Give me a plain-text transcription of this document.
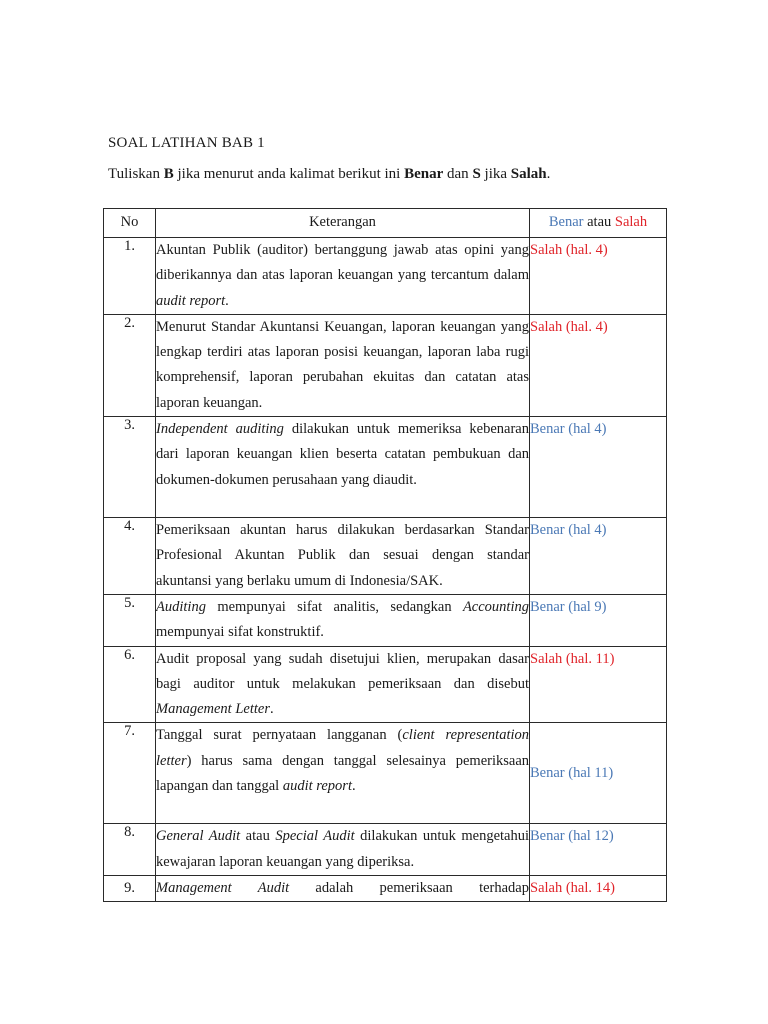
SOAL LATIHAN BAB 1
Tuliskan B jika menurut anda kalimat berikut ini Benar dan S jika Salah.
No	Keterangan	Benar atau Salah
1.	Akuntan Publik (auditor) bertanggung jawab atas opini yang diberikannya dan atas laporan keuangan yang tercantum dalam audit report.	Salah (hal. 4)
2.	Menurut Standar Akuntansi Keuangan, laporan keuangan yang lengkap terdiri atas laporan posisi keuangan, laporan laba rugi komprehensif, laporan perubahan ekuitas dan catatan atas laporan keuangan.	Salah (hal. 4)
3.	Independent auditing dilakukan untuk memeriksa kebenaran dari laporan keuangan klien beserta catatan pembukuan dan dokumen-dokumen perusahaan yang diaudit.	Benar (hal 4)
4.	Pemeriksaan akuntan harus dilakukan berdasarkan Standar Profesional Akuntan Publik dan sesuai dengan standar akuntansi yang berlaku umum di Indonesia/SAK.	Benar (hal 4)
5.	Auditing mempunyai sifat analitis, sedangkan Accounting mempunyai sifat konstruktif.	Benar (hal 9)
6.	Audit proposal yang sudah disetujui klien, merupakan dasar bagi auditor untuk melakukan pemeriksaan dan disebut Management Letter.	Salah (hal. 11)
7.	Tanggal surat pernyataan langganan (client representation letter) harus sama dengan tanggal selesainya pemeriksaan lapangan dan tanggal audit report.	Benar (hal 11)
8.	General Audit atau Special Audit dilakukan untuk mengetahui kewajaran laporan keuangan yang diperiksa.	Benar (hal 12)
9.	Management Audit adalah pemeriksaan terhadap	Salah (hal. 14)
